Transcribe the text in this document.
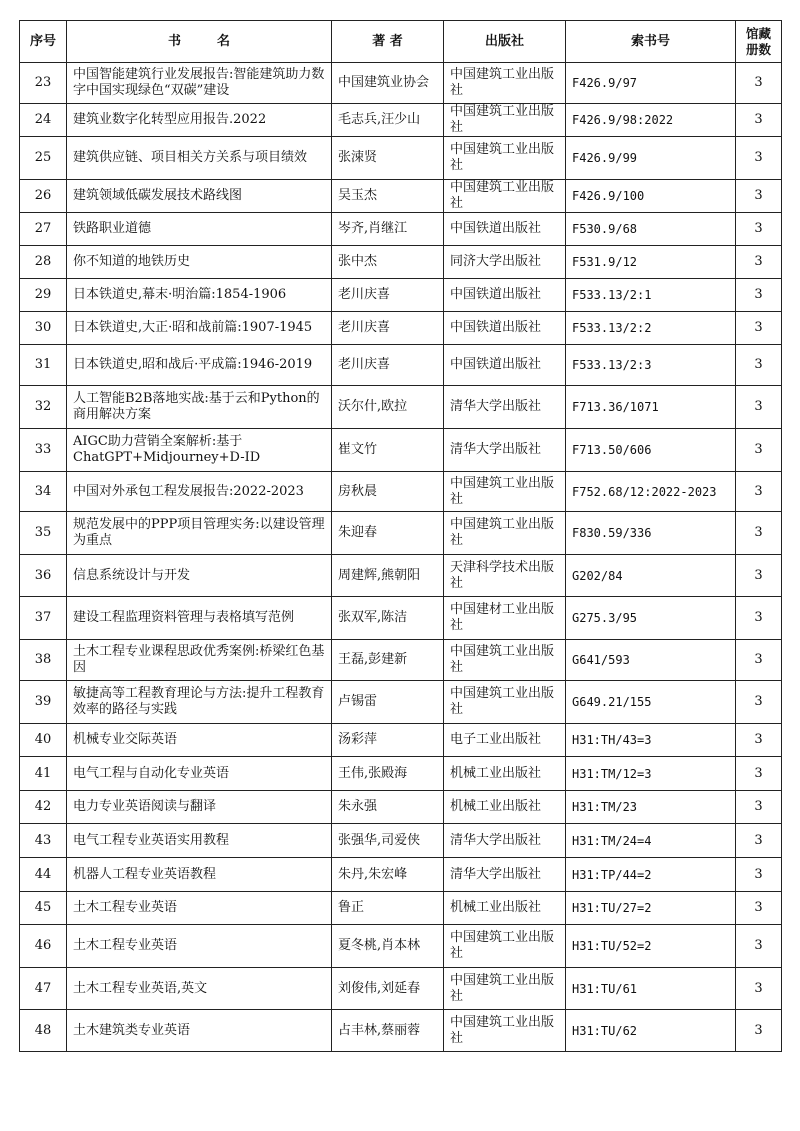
序号	书名	著 者	出版社	索书号	馆藏册数
23	中国智能建筑行业发展报告:智能建筑助力数字中国实现绿色“双碳”建设	中国建筑业协会	中国建筑工业出版社	F426.9/97	3
24	建筑业数字化转型应用报告.2022	毛志兵,汪少山	中国建筑工业出版社	F426.9/98:2022	3
25	建筑供应链、项目相关方关系与项目绩效	张涑贤	中国建筑工业出版社	F426.9/99	3
26	建筑领域低碳发展技术路线图	吴玉杰	中国建筑工业出版社	F426.9/100	3
27	铁路职业道德	岑齐,肖继江	中国铁道出版社	F530.9/68	3
28	你不知道的地铁历史	张中杰	同济大学出版社	F531.9/12	3
29	日本铁道史,幕末·明治篇:1854-1906	老川庆喜	中国铁道出版社	F533.13/2:1	3
30	日本铁道史,大正·昭和战前篇:1907-1945	老川庆喜	中国铁道出版社	F533.13/2:2	3
31	日本铁道史,昭和战后·平成篇:1946-2019	老川庆喜	中国铁道出版社	F533.13/2:3	3
32	人工智能B2B落地实战:基于云和Python的商用解决方案	沃尔什,欧拉	清华大学出版社	F713.36/1071	3
33	AIGC助力营销全案解析:基于ChatGPT+Midjourney+D-ID	崔文竹	清华大学出版社	F713.50/606	3
34	中国对外承包工程发展报告:2022-2023	房秋晨	中国建筑工业出版社	F752.68/12:2022-2023	3
35	规范发展中的PPP项目管理实务:以建设管理为重点	朱迎春	中国建筑工业出版社	F830.59/336	3
36	信息系统设计与开发	周建辉,熊朝阳	天津科学技术出版社	G202/84	3
37	建设工程监理资料管理与表格填写范例	张双军,陈洁	中国建材工业出版社	G275.3/95	3
38	土木工程专业课程思政优秀案例:桥梁红色基因	王磊,彭建新	中国建筑工业出版社	G641/593	3
39	敏捷高等工程教育理论与方法:提升工程教育效率的路径与实践	卢锡雷	中国建筑工业出版社	G649.21/155	3
40	机械专业交际英语	汤彩萍	电子工业出版社	H31:TH/43=3	3
41	电气工程与自动化专业英语	王伟,张殿海	机械工业出版社	H31:TM/12=3	3
42	电力专业英语阅读与翻译	朱永强	机械工业出版社	H31:TM/23	3
43	电气工程专业英语实用教程	张强华,司爱侠	清华大学出版社	H31:TM/24=4	3
44	机器人工程专业英语教程	朱丹,朱宏峰	清华大学出版社	H31:TP/44=2	3
45	土木工程专业英语	鲁正	机械工业出版社	H31:TU/27=2	3
46	土木工程专业英语	夏冬桃,肖本林	中国建筑工业出版社	H31:TU/52=2	3
47	土木工程专业英语,英文	刘俊伟,刘延春	中国建筑工业出版社	H31:TU/61	3
48	土木建筑类专业英语	占丰林,蔡丽蓉	中国建筑工业出版社	H31:TU/62	3
